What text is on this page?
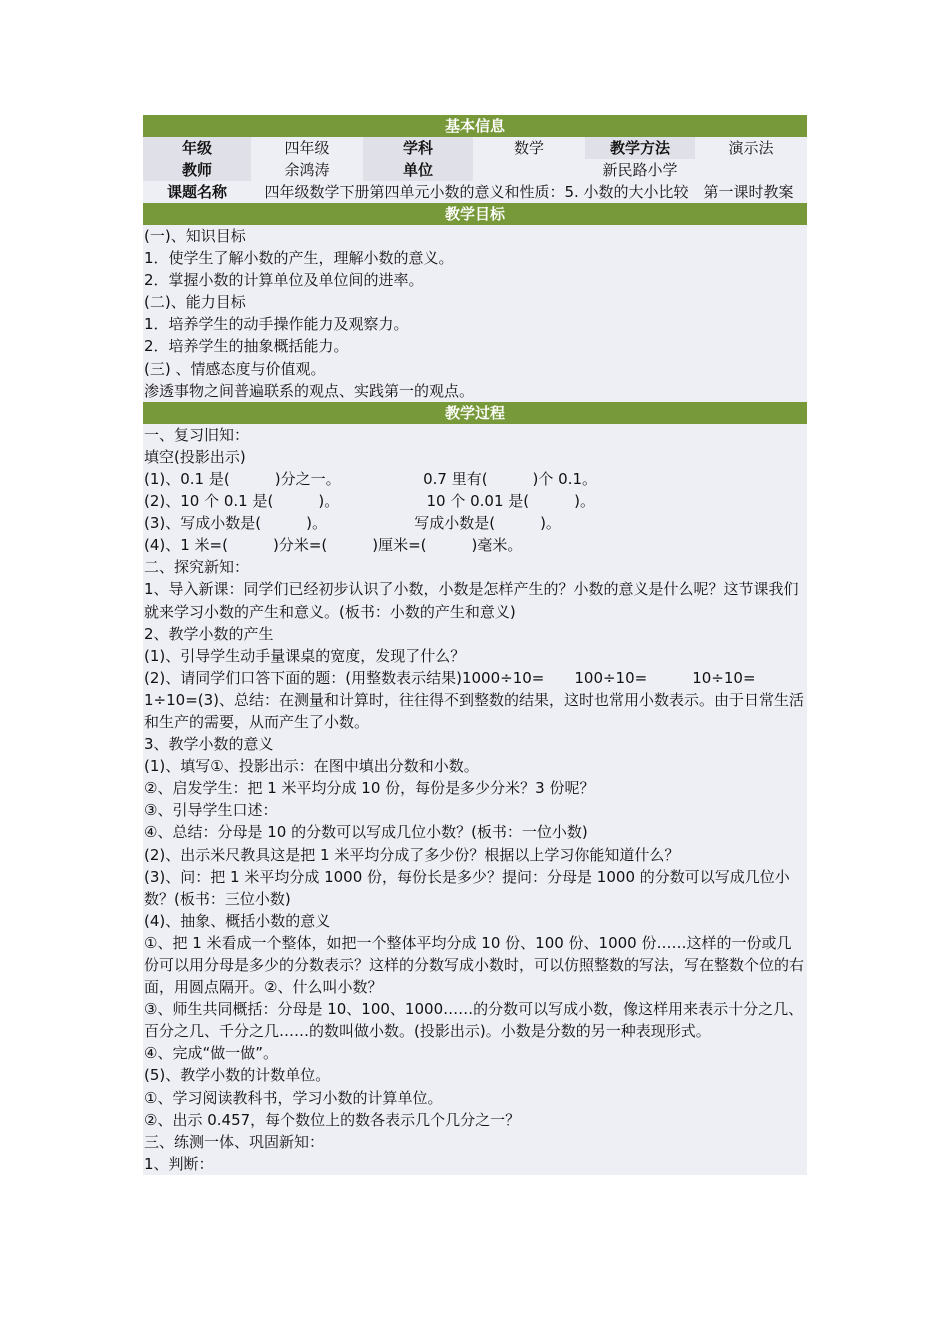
基本信息
年级	四年级	学科	数学	教学方法	演示法
教师	余鸿涛	单位	新民路小学
课题名称	四年级数学下册第四单元小数的意义和性质：5. 小数的大小比较　第一课时教案
教学目标

(一)、知识目标

1．使学生了解小数的产生，理解小数的意义。

2．掌握小数的计算单位及单位间的进率。

(二)、能力目标

1．培养学生的动手操作能力及观察力。

2．培养学生的抽象概括能力。

(三) 、情感态度与价值观。

渗透事物之间普遍联系的观点、实践第一的观点。

教学过程

一、复习旧知：

填空(投影出示)

(1)、0.1 是(　　　)分之一。　　　　　　0.7 里有(　　　)个 0.1。

(2)、10 个 0.1 是(　　　)。　　　　　　 10 个 0.01 是(　　　)。

(3)、写成小数是(　　　)。　　　　　　 写成小数是(　　　)。

(4)、1 米=(　　　)分米=(　　　)厘米=(　　　)毫米。

二、探究新知：

1、导入新课：同学们已经初步认识了小数，小数是怎样产生的？小数的意义是什么呢？这节课我们就来学习小数的产生和意义。(板书：小数的产生和意义)

2、教学小数的产生

(1)、引导学生动手量课桌的宽度，发现了什么？

(2)、请同学们口答下面的题：(用整数表示结果)1000÷10=　　100÷10=　　　10÷10=　　　　　1÷10=(3)、总结：在测量和计算时，往往得不到整数的结果，这时也常用小数表示。由于日常生活和生产的需要，从而产生了小数。

3、教学小数的意义

(1)、填写①、投影出示：在图中填出分数和小数。

②、启发学生：把 1 米平均分成 10 份，每份是多少分米？3 份呢？

③、引导学生口述：

④、总结：分母是 10 的分数可以写成几位小数？(板书：一位小数)

(2)、出示米尺教具这是把 1 米平均分成了多少份？根据以上学习你能知道什么？

(3)、问：把 1 米平均分成 1000 份，每份长是多少？提问：分母是 1000 的分数可以写成几位小数？(板书：三位小数)

(4)、抽象、概括小数的意义

①、把 1 米看成一个整体，如把一个整体平均分成 10 份、100 份、1000 份……这样的一份或几份可以用分母是多少的分数表示？这样的分数写成小数时，可以仿照整数的写法，写在整数个位的右面，用圆点隔开。②、什么叫小数？

③、师生共同概括：分母是 10、100、1000……的分数可以写成小数，像这样用来表示十分之几、百分之几、千分之几……的数叫做小数。(投影出示)。小数是分数的另一种表现形式。

④、完成“做一做”。

(5)、教学小数的计数单位。

①、学习阅读教科书，学习小数的计算单位。

②、出示 0.457，每个数位上的数各表示几个几分之一？

三、练测一体、巩固新知：

1、判断：
